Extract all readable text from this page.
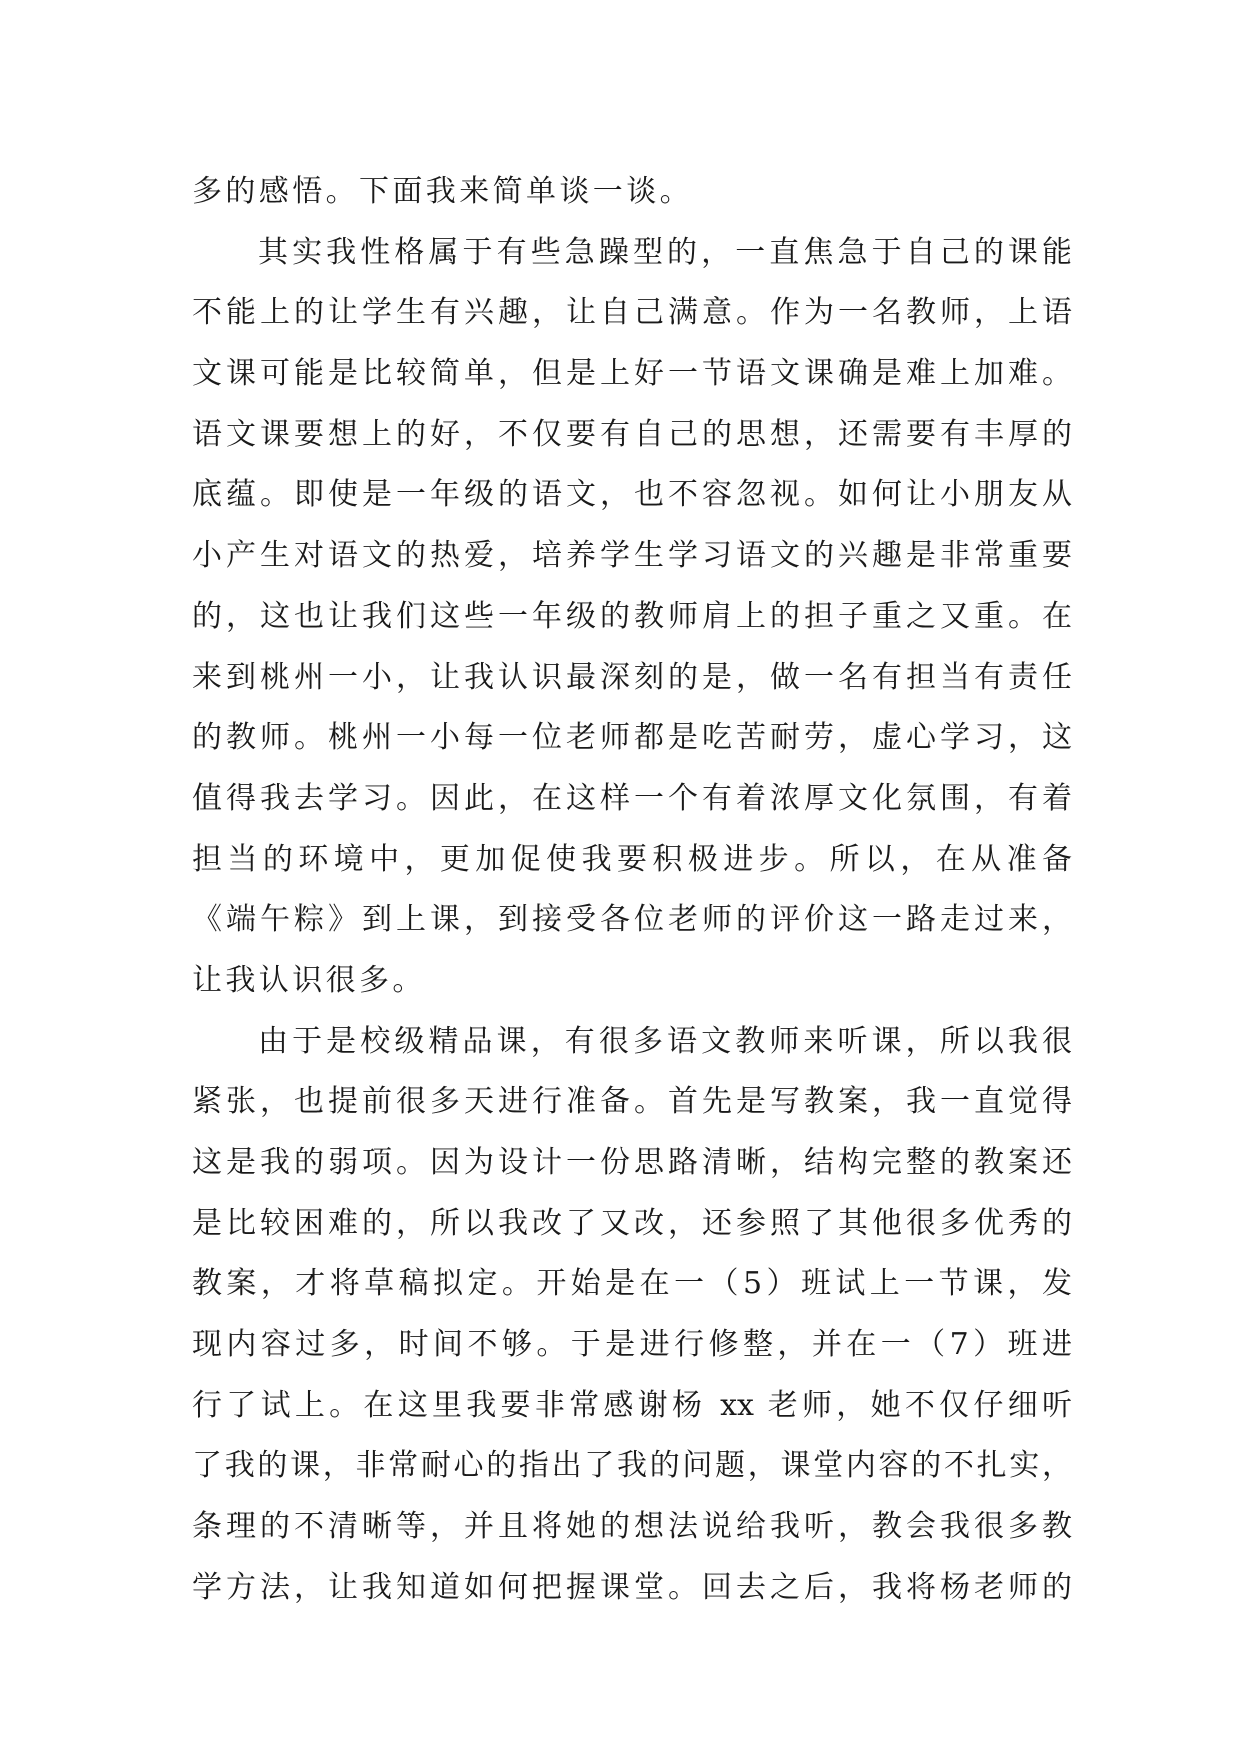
多的感悟。下面我来简单谈一谈。
其实我性格属于有些急躁型的，一直焦急于自己的课能
不能上的让学生有兴趣，让自己满意。作为一名教师，上语
文课可能是比较简单，但是上好一节语文课确是难上加难。
语文课要想上的好，不仅要有自己的思想，还需要有丰厚的
底蕴。即使是一年级的语文，也不容忽视。如何让小朋友从
小产生对语文的热爱，培养学生学习语文的兴趣是非常重要
的，这也让我们这些一年级的教师肩上的担子重之又重。在
来到桃州一小，让我认识最深刻的是，做一名有担当有责任
的教师。桃州一小每一位老师都是吃苦耐劳，虚心学习，这
值得我去学习。因此，在这样一个有着浓厚文化氛围，有着
担当的环境中，更加促使我要积极进步。所以，在从准备
《端午粽》到上课，到接受各位老师的评价这一路走过来，
让我认识很多。
由于是校级精品课，有很多语文教师来听课，所以我很
紧张，也提前很多天进行准备。首先是写教案，我一直觉得
这是我的弱项。因为设计一份思路清晰，结构完整的教案还
是比较困难的，所以我改了又改，还参照了其他很多优秀的
教案，才将草稿拟定。开始是在一（5）班试上一节课，发
现内容过多，时间不够。于是进行修整，并在一（7）班进
行了试上。在这里我要非常感谢杨 xx 老师，她不仅仔细听
了我的课，非常耐心的指出了我的问题，课堂内容的不扎实，
条理的不清晰等，并且将她的想法说给我听，教会我很多教
学方法，让我知道如何把握课堂。回去之后，我将杨老师的
